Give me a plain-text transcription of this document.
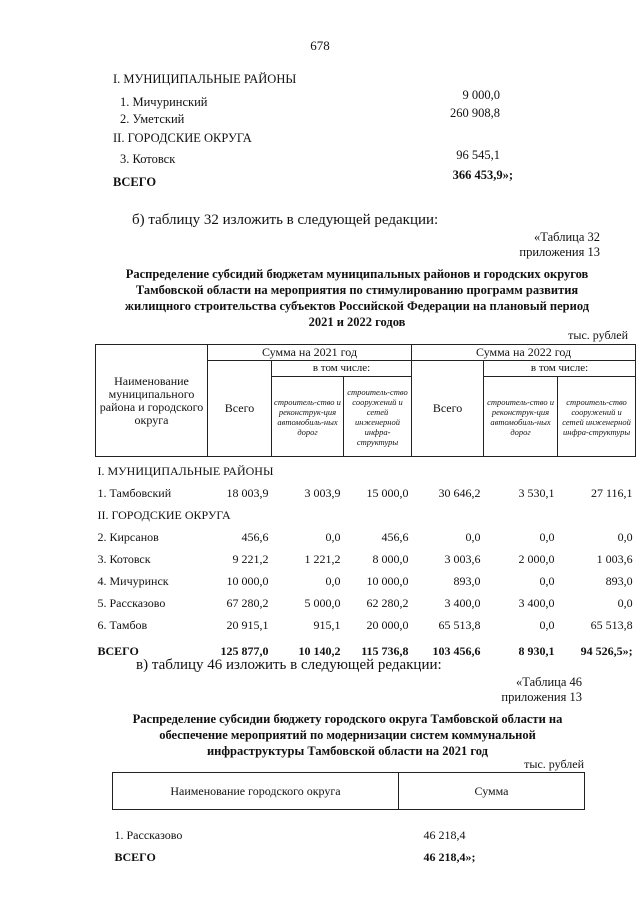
678
I. МУНИЦИПАЛЬНЫЕ РАЙОНЫ
1. Мичуринский	9 000,0
2. Уметский	260 908,8
II. ГОРОДСКИЕ ОКРУГА
3. Котовск	96 545,1
ВСЕГО	366 453,9»;
б) таблицу 32 изложить в следующей редакции:
«Таблица 32
приложения 13
Распределение субсидий бюджетам муниципальных районов и городских округов Тамбовской области на мероприятия по стимулированию программ развития жилищного строительства субъектов Российской Федерации на плановый период 2021 и 2022 годов
тыс. рублей
Наименование муниципального района и городского округа	Сумма на 2021 год			Сумма на 2022 год		
	Всего	в том числе:		Всего	в том числе:	
		строитель-ство и реконструк-ция автомобиль-ных дорог	строитель-ство сооружений и сетей инженерной инфра-структуры		строитель-ство и реконструк-ция автомобиль-ных дорог	строитель-ство сооружений и сетей инженерной инфра-структуры
I. МУНИЦИПАЛЬНЫЕ РАЙОНЫ						
1. Тамбовский	18 003,9	3 003,9	15 000,0	30 646,2	3 530,1	27 116,1
II. ГОРОДСКИЕ ОКРУГА						
2. Кирсанов	456,6	0,0	456,6	0,0	0,0	0,0
3. Котовск	9 221,2	1 221,2	8 000,0	3 003,6	2 000,0	1 003,6
4. Мичуринск	10 000,0	0,0	10 000,0	893,0	0,0	893,0
5. Рассказово	67 280,2	5 000,0	62 280,2	3 400,0	3 400,0	0,0
6. Тамбов	20 915,1	915,1	20 000,0	65 513,8	0,0	65 513,8
ВСЕГО	125 877,0	10 140,2	115 736,8	103 456,6	8 930,1	94 526,5»;
в) таблицу 46 изложить в следующей редакции:
«Таблица 46
приложения 13
Распределение субсидии бюджету городского округа Тамбовской области на обеспечение мероприятий по модернизации систем коммунальной инфраструктуры Тамбовской области на 2021 год
тыс. рублей
Наименование городского округа	Сумма

1. Рассказово	46 218,4
ВСЕГО	46 218,4»;
